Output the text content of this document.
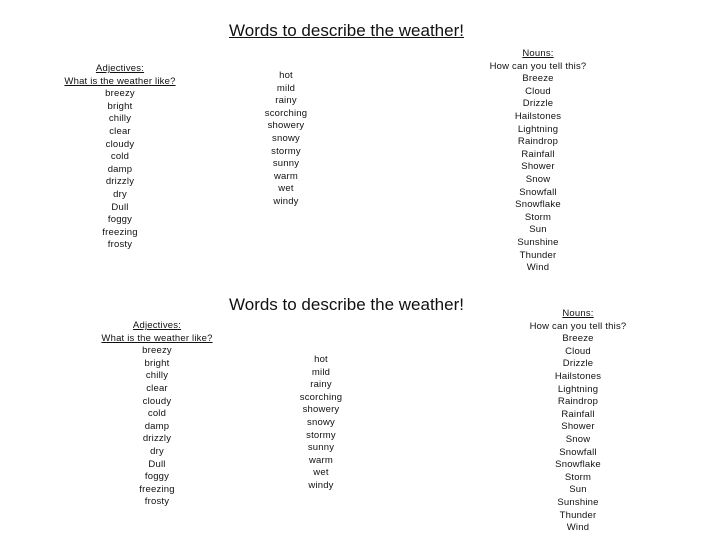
Words to describe the weather!
Adjectives:
What is the weather like?
breezy
bright
chilly
clear
cloudy
cold
damp
drizzly
dry
Dull
foggy
freezing
frosty
hot
mild
rainy
scorching
showery
snowy
stormy
sunny
warm
wet
windy
Nouns:
How can you tell this?
Breeze
Cloud
Drizzle
Hailstones
Lightning
Raindrop
Rainfall
Shower
Snow
Snowfall
Snowflake
Storm
Sun
Sunshine
Thunder
Wind
Words to describe the weather!
Adjectives:
What is the weather like?
breezy
bright
chilly
clear
cloudy
cold
damp
drizzly
dry
Dull
foggy
freezing
frosty
hot
mild
rainy
scorching
showery
snowy
stormy
sunny
warm
wet
windy
Nouns:
How can you tell this?
Breeze
Cloud
Drizzle
Hailstones
Lightning
Raindrop
Rainfall
Shower
Snow
Snowfall
Snowflake
Storm
Sun
Sunshine
Thunder
Wind
